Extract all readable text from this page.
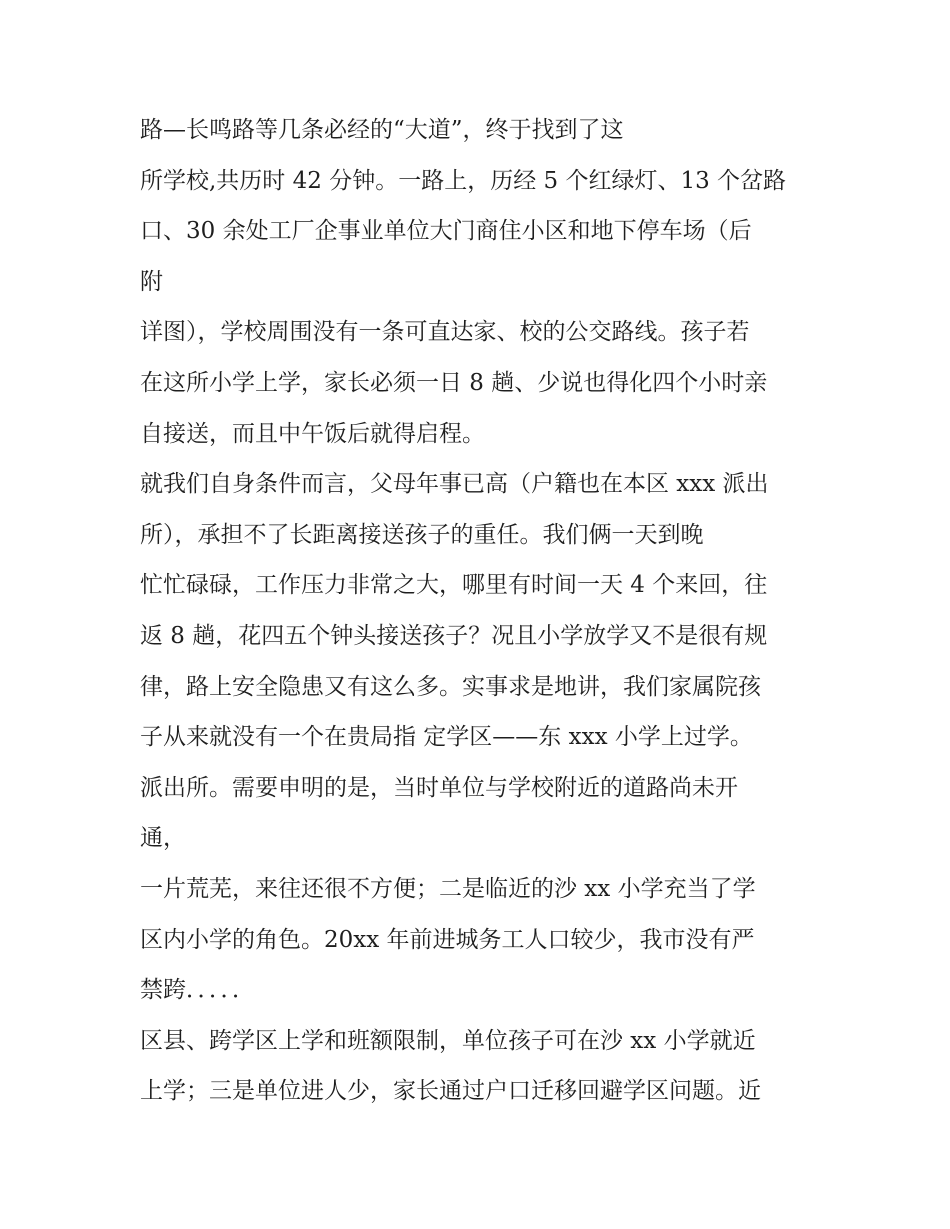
路—长鸣路等几条必经的“大道”，终于找到了这
所学校,共历时 42 分钟。一路上，历经 5 个红绿灯、13 个岔路
口、30 余处工厂企事业单位大门商住小区和地下停车场（后
附
详图），学校周围没有一条可直达家、校的公交路线。孩子若
在这所小学上学，家长必须一日 8 趟、少说也得化四个小时亲
自接送，而且中午饭后就得启程。
就我们自身条件而言，父母年事已高（户籍也在本区 xxx 派出
所），承担不了长距离接送孩子的重任。我们俩一天到晚
忙忙碌碌，工作压力非常之大，哪里有时间一天 4 个来回，往
返 8 趟，花四五个钟头接送孩子？况且小学放学又不是很有规
律，路上安全隐患又有这么多。实事求是地讲，我们家属院孩
子从来就没有一个在贵局指 定学区——东 xxx 小学上过学。
派出所。需要申明的是，当时单位与学校附近的道路尚未开
通，
一片荒芜，来往还很不方便；二是临近的沙 xx 小学充当了学
区内小学的角色。20xx 年前进城务工人口较少，我市没有严
禁跨．．．．．
区县、跨学区上学和班额限制，单位孩子可在沙 xx 小学就近
上学；三是单位进人少，家长通过户口迁移回避学区问题。近
